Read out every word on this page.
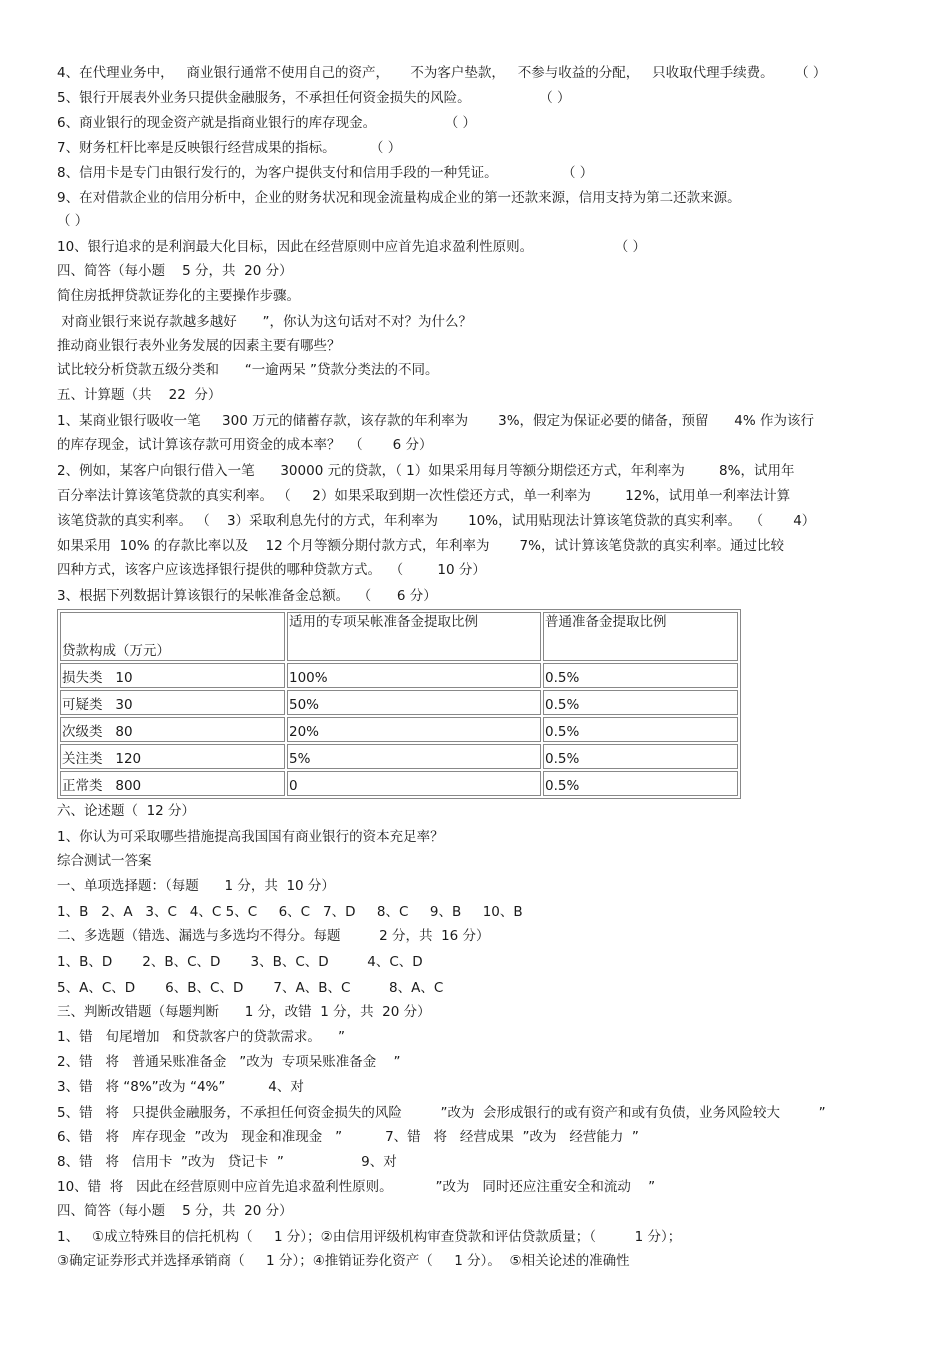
4、在代理业务中，   商业银行通常不使用自己的资产，     不为客户垫款，   不参与收益的分配，   只收取代理手续费。     （ ）
5、银行开展表外业务只提供金融服务，不承担任何资金损失的风险。                （ ）
6、商业银行的现金资产就是指商业银行的库存现金。                （ ）
7、财务杠杆比率是反映银行经营成果的指标。        （ ）
8、信用卡是专门由银行发行的，为客户提供支付和信用手段的一种凭证。               （ ）
9、在对借款企业的信用分析中，企业的财务状况和现金流量构成企业的第一还款来源，信用支持为第二还款来源。
（ ）
10、银行追求的是利润最大化目标，因此在经营原则中应首先追求盈利性原则。                   （ ）
四、简答（每小题    5 分，共  20 分）
简住房抵押贷款证券化的主要操作步骤。
对商业银行来说存款越多越好      ”，你认为这句话对不对？为什么？
推动商业银行表外业务发展的因素主要有哪些？
试比较分析贷款五级分类和      “一逾两呆 ”贷款分类法的不同。
五、计算题（共    22  分）
1、某商业银行吸收一笔     300 万元的储蓄存款，该存款的年利率为       3%，假定为保证必要的储备，预留      4% 作为该行
的库存现金，试计算该存款可用资金的成本率？  （       6 分）
2、例如，某客户向银行借入一笔      30000 元的贷款，（ 1）如果采用每月等额分期偿还方式，年利率为        8%，试用年
百分率法计算该笔贷款的真实利率。 （     2）如果采取到期一次性偿还方式，单一利率为        12%，试用单一利率法计算
该笔贷款的真实利率。 （    3）采取利息先付的方式，年利率为       10%，试用贴现法计算该笔贷款的真实利率。  （       4）
如果采用  10% 的存款比率以及    12 个月等额分期付款方式，年利率为       7%，试计算该笔贷款的真实利率。通过比较
四种方式，该客户应该选择银行提供的哪种贷款方式。  （        10 分）
3、根据下列数据计算该银行的呆帐准备金总额。  （      6 分）
贷款构成（万元）	适用的专项呆帐准备金提取比例	普通准备金提取比例
损失类   10	100%	0.5%
可疑类   30	50%	0.5%
次级类   80	20%	0.5%
关注类   120	5%	0.5%
正常类   800	0	0.5%
六、论述题（  12 分）
1、你认为可采取哪些措施提高我国国有商业银行的资本充足率？
综合测试一答案
一、单项选择题：（每题      1 分，共  10 分）
1、B   2、A   3、C   4、C 5、C     6、C   7、D     8、C     9、B     10、B
二、多选题（错选、漏选与多选均不得分。每题         2 分，共  16 分）
1、B、D       2、B、C、D       3、B、C、D         4、C、D
5、A、C、D       6、B、C、D       7、A、B、C         8、A、C
三、判断改错题（每题判断      1 分，改错  1 分，共  20 分）
1、错   旬尾增加   和贷款客户的贷款需求。    ”
2、错   将   普通呆账准备金   ”改为  专项呆账准备金    ”
3、错   将 “8%”改为 “4%”          4、对
5、错   将   只提供金融服务，不承担任何资金损失的风险         ”改为  会形成银行的或有资产和或有负债，业务风险较大         ”
6、错   将   库存现金  ”改为   现金和准现金   ”          7、错   将   经营成果  ”改为   经营能力  ”
8、错   将   信用卡  ”改为   贷记卡  ”                  9、对
10、错  将   因此在经营原则中应首先追求盈利性原则。          ”改为   同时还应注重安全和流动    ”
四、简答（每小题    5 分，共  20 分）
1、   ①成立特殊目的信托机构（     1 分）；②由信用评级机构审查贷款和评估贷款质量；（         1 分）；
③确定证券形式并选择承销商（     1 分）；④推销证券化资产（     1 分）。  ⑤相关论述的准确性
